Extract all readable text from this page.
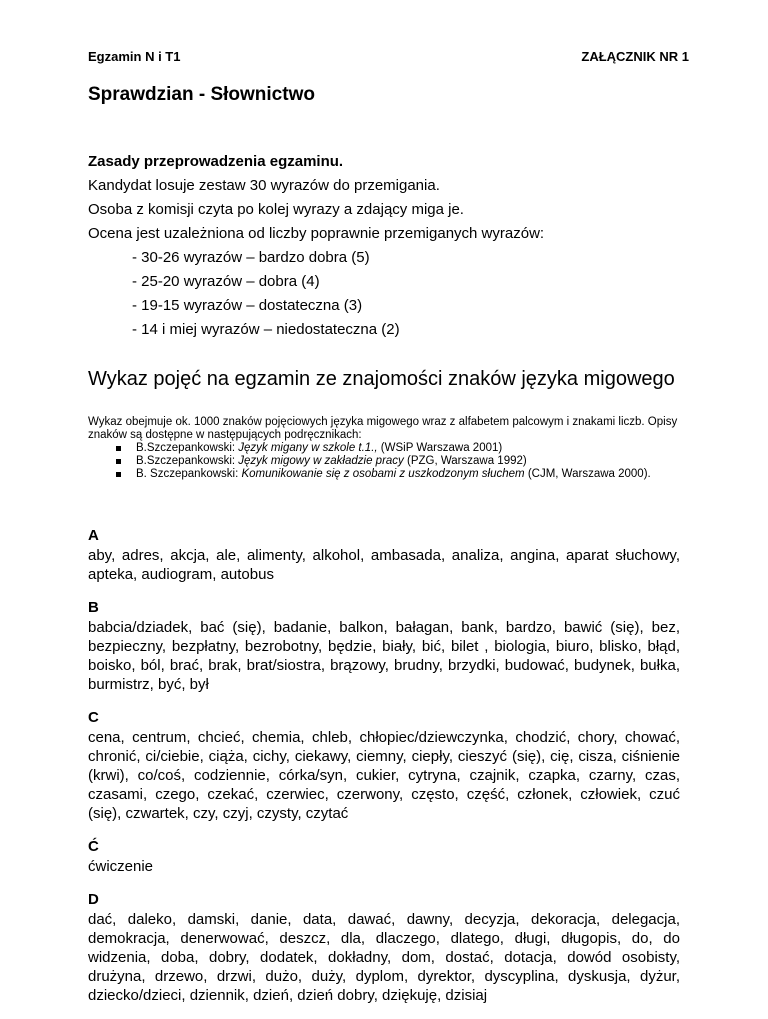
Egzamin N i T1	ZAŁĄCZNIK NR 1
Sprawdzian - Słownictwo
Zasady przeprowadzenia egzaminu.
Kandydat losuje zestaw 30 wyrazów do przemigania.
Osoba z komisji czyta po kolej wyrazy a zdający miga je.
Ocena jest uzależniona od liczby poprawnie przemiganych wyrazów:
- 30-26 wyrazów – bardzo dobra (5)
- 25-20 wyrazów – dobra (4)
- 19-15 wyrazów – dostateczna (3)
- 14 i miej wyrazów – niedostateczna (2)
Wykaz pojęć na egzamin ze znajomości znaków języka migowego

Wykaz obejmuje ok. 1000 znaków pojęciowych języka migowego wraz z alfabetem palcowym i znakami liczb. Opisy znaków są dostępne w następujących podręcznikach:

B.Szczepankowski: Język migany w szkole t.1., (WSiP Warszawa 2001)
B.Szczepankowski: Język migowy w zakładzie pracy (PZG, Warszawa 1992)
B. Szczepankowski: Komunikowanie się z osobami z uszkodzonym słuchem (CJM, Warszawa 2000).
A
aby, adres, akcja, ale, alimenty, alkohol, ambasada, analiza, angina, aparat słuchowy, apteka, audiogram, autobus
B
babcia/dziadek, bać (się), badanie, balkon, bałagan, bank, bardzo, bawić (się), bez, bezpieczny, bezpłatny, bezrobotny, będzie, biały, bić, bilet , biologia, biuro, blisko, błąd, boisko, ból, brać, brak, brat/siostra, brązowy, brudny, brzydki, budować, budynek, bułka, burmistrz, być, był
C
cena, centrum, chcieć, chemia, chleb, chłopiec/dziewczynka, chodzić, chory, chować, chronić, ci/ciebie, ciąża, cichy, ciekawy, ciemny, ciepły, cieszyć (się), cię, cisza, ciśnienie (krwi), co/coś, codziennie, córka/syn, cukier, cytryna, czajnik, czapka, czarny, czas, czasami, czego, czekać, czerwiec, czerwony, często, część, członek, człowiek, czuć (się), czwartek, czy, czyj, czysty, czytać
Ć
ćwiczenie
D
dać, daleko, damski, danie, data, dawać, dawny, decyzja, dekoracja, delegacja, demokracja, denerwować, deszcz, dla, dlaczego, dlatego, długi, długopis, do, do widzenia, doba, dobry, dodatek, dokładny, dom, dostać, dotacja, dowód osobisty, drużyna, drzewo, drzwi, dużo, duży, dyplom, dyrektor, dyscyplina, dyskusja, dyżur, dziecko/dzieci, dziennik, dzień, dzień dobry, dziękuję, dzisiaj
